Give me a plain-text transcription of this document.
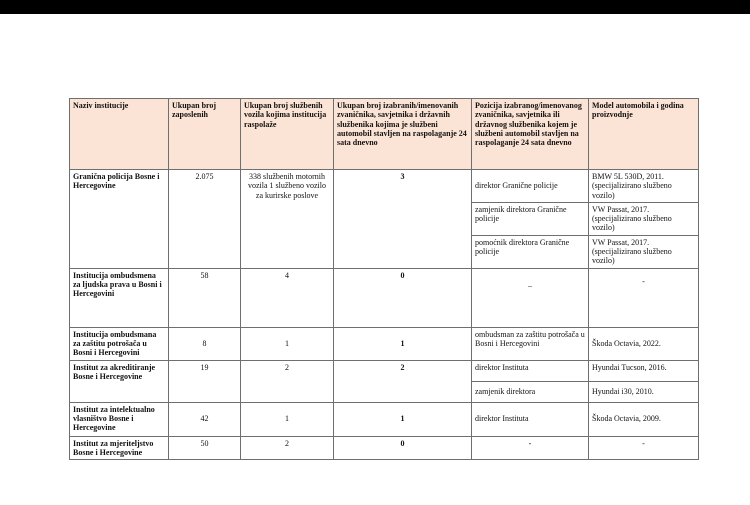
Naziv institucije	Ukupan broj zaposlenih	Ukupan broj službenih vozila kojima institucija raspolaže	Ukupan broj izabranih/imenovanih zvaničnika, savjetnika i državnih službenika kojima je službeni automobil stavljen na raspolaganje 24 sata dnevno	Pozicija izabranog/imenovanog zvaničnika, savjetnika ili državnog službenika kojem je službeni automobil stavljen na raspolaganje 24 sata dnevno	Model automobila i godina proizvodnje
Granična policija Bosne i Hercegovine	2.075	338 službenih motornih vozila 1 službeno vozilo za kurirske poslove	3	direktor Granične policije	BMW 5L 530D, 2011. (specijalizirano službeno vozilo)
				zamjenik direktora Granične policije	VW Passat, 2017. (specijalizirano službeno vozilo)
				pomoćnik direktora Granične policije	VW Passat, 2017. (specijalizirano službeno vozilo)
Institucija ombudsmena za ljudska prava u Bosni i Hercegovini	58	4	0	_	-
Institucija ombudsmana za zaštitu potrošača u Bosni i Hercegovini	8	1	1	ombudsman za zaštitu potrošača u Bosni i Hercegovini	Škoda Octavia, 2022.
Institut za akreditiranje Bosne i Hercegovine	19	2	2	direktor Instituta	Hyundai Tucson, 2016.
				zamjenik direktora	Hyundai i30, 2010.
Institut za intelektualno vlasništvo Bosne i Hercegovine	42	1	1	direktor Instituta	Škoda Octavia, 2009.
Institut za mjeriteljstvo Bosne i Hercegovine	50	2	0	-	-
